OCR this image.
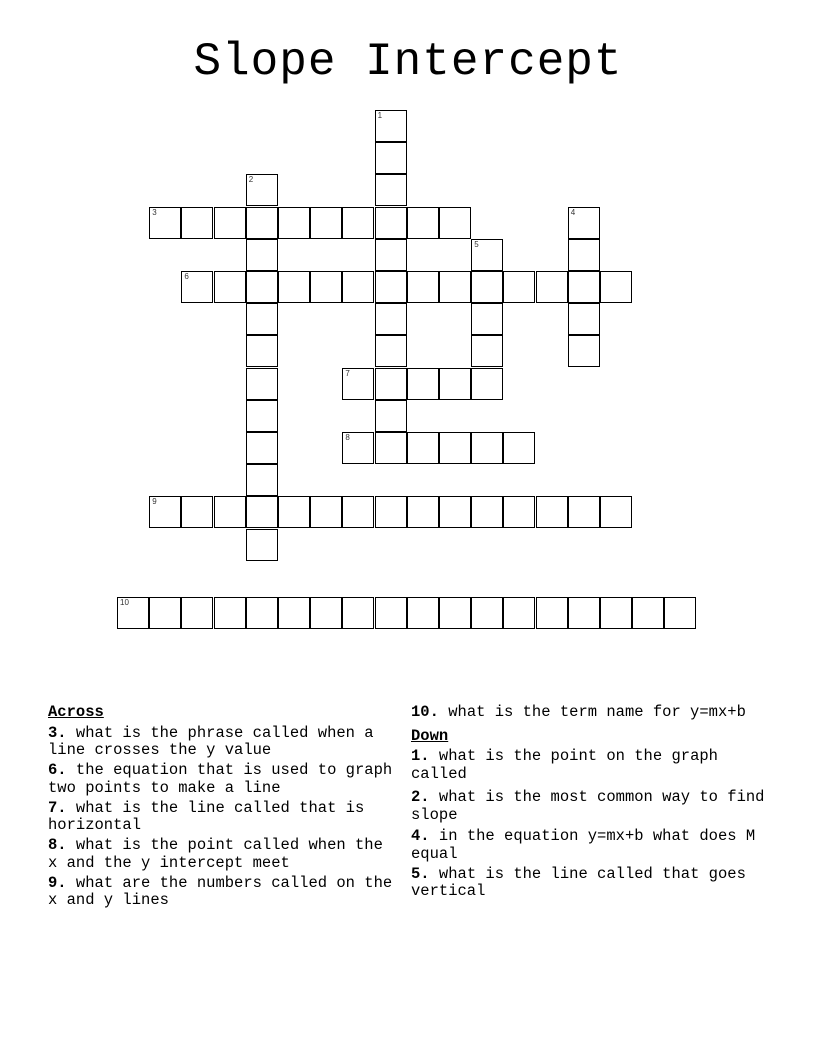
Slope Intercept
1
2
3	4
5
6
7
8
9
10
Across
3. what is the phrase called when a line crosses the y value
6. the equation that is used to graph two points to make a line
7. what is the line called that is horizontal
8. what is the point called when the x and the y intercept meet
9. what are the numbers called on the x and y lines
10. what is the term name for y=mx+b
Down
1. what is the point on the graph called
2. what is the most common way to find slope
4. in the equation y=mx+b what does M equal
5. what is the line called that goes vertical
